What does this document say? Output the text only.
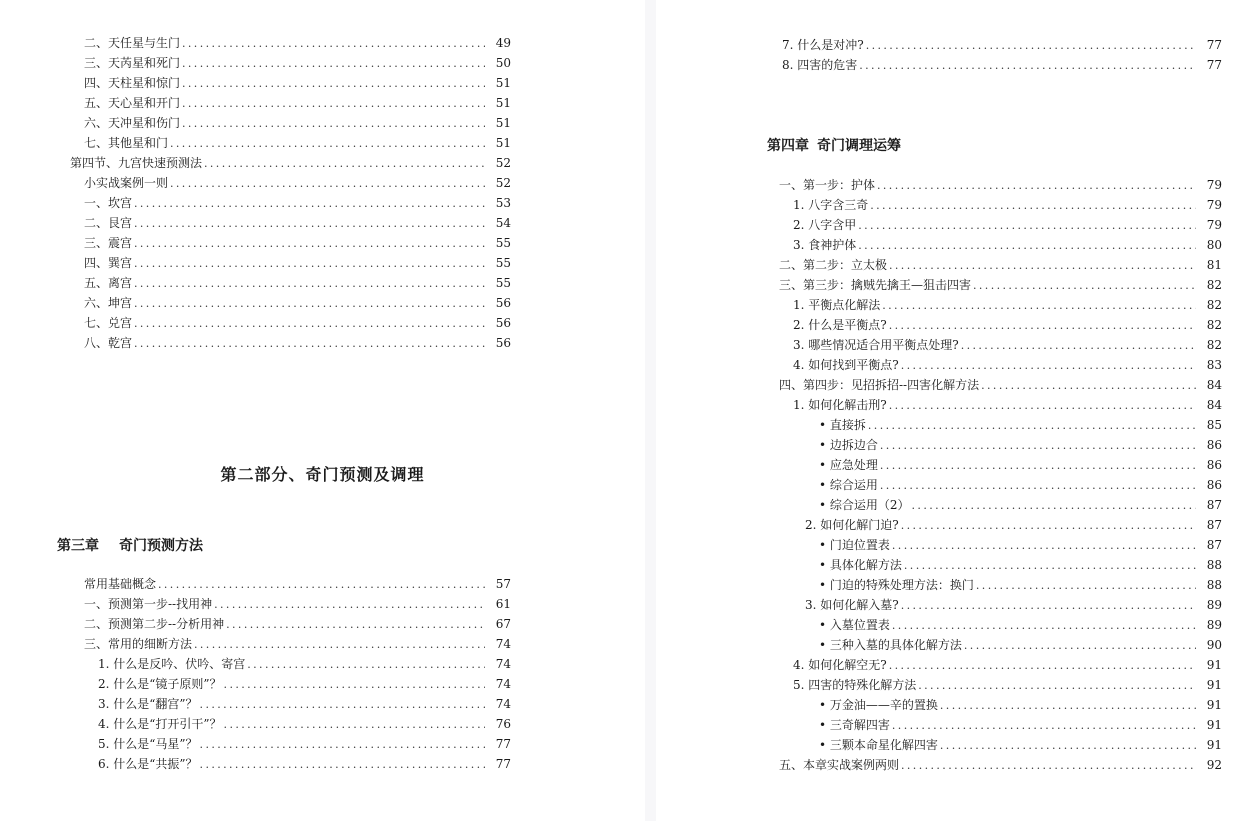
二、天任星与生门 .....	49
三、天芮星和死门 .....	50
四、天柱星和惊门 .....	51
五、天心星和开门 .....	51
六、天冲星和伤门 .....	51
七、其他星和门 .....	51
第四节、九宫快速预测法 .....	52
小实战案例一则 .....	52
一、坎宫 .....	53
二、艮宫 .....	54
三、震宫 .....	55
四、巽宫 .....	55
五、离宫 .....	55
六、坤宫 .....	56
七、兑宫 .....	56
八、乾宫 .....	56
第二部分、奇门预测及调理
第三章 奇门预测方法
常用基础概念 .....	57
一、预测第一步--找用神 .....	61
二、预测第二步--分析用神 .....	67
三、常用的细断方法 .....	74
1. 什么是反吟、伏吟、寄宫 .....	74
2. 什么是“镜子原则”？ .....	74
3. 什么是“翻宫”？ .....	74
4. 什么是“打开引干”？ .....	76
5. 什么是“马星”？ .....	77
6. 什么是“共振”？ .....	77
7. 什么是对冲? .....	77
8. 四害的危害 .....	77
第四章 奇门调理运筹
一、第一步：护体 .....	79
1. 八字含三奇 .....	79
2. 八字含甲 .....	79
3. 食神护体 .....	80
二、第二步：立太极 .....	81
三、第三步：擒贼先擒王—狙击四害 .....	82
1. 平衡点化解法 .....	82
2. 什么是平衡点? .....	82
3. 哪些情况适合用平衡点处理? .....	82
4. 如何找到平衡点? .....	83
四、第四步：见招拆招--四害化解方法 .....	84
1. 如何化解击刑? .....	84
• 直接拆 .....	85
• 边拆边合 .....	86
• 应急处理 .....	86
• 综合运用 .....	86
• 综合运用（2） .....	87
2. 如何化解门迫? .....	87
• 门迫位置表 .....	87
• 具体化解方法 .....	88
• 门迫的特殊处理方法：换门 .....	88
3. 如何化解入墓? .....	89
• 入墓位置表 .....	89
• 三种入墓的具体化解方法 .....	90
4. 如何化解空无? .....	91
5. 四害的特殊化解方法 .....	91
• 万金油——辛的置换 .....	91
• 三奇解四害 .....	91
• 三颗本命星化解四害 .....	91
五、本章实战案例两则 .....	92
